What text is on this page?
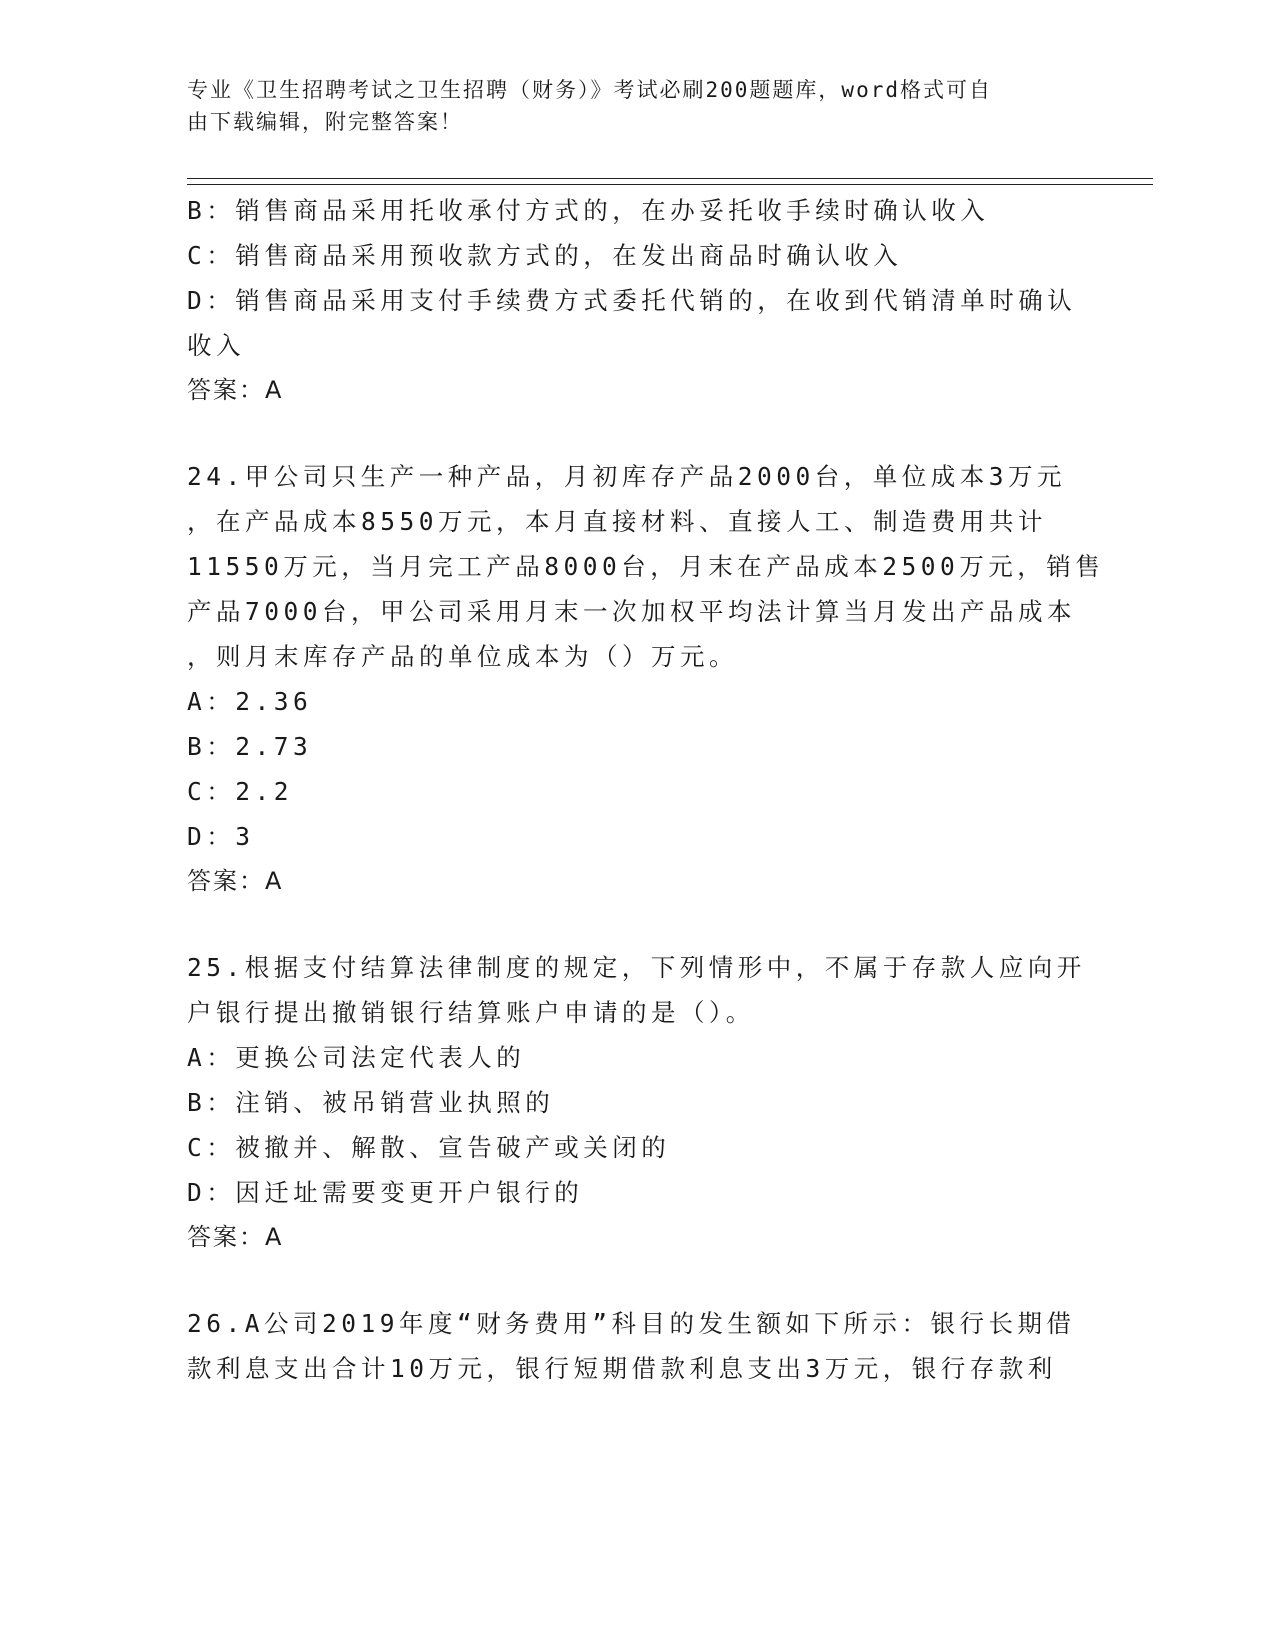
专业《卫生招聘考试之卫生招聘（财务）》考试必刷200题题库，word格式可自
由下载编辑，附完整答案！
B：销售商品采用托收承付方式的，在办妥托收手续时确认收入
C：销售商品采用预收款方式的，在发出商品时确认收入
D：销售商品采用支付手续费方式委托代销的，在收到代销清单时确认
收入
答案：A
24.甲公司只生产一种产品，月初库存产品2000台，单位成本3万元
，在产品成本8550万元，本月直接材料、直接人工、制造费用共计
11550万元，当月完工产品8000台，月末在产品成本2500万元，销售
产品7000台，甲公司采用月末一次加权平均法计算当月发出产品成本
，则月末库存产品的单位成本为（）万元。
A：2.36
B：2.73
C：2.2
D：3
答案：A
25.根据支付结算法律制度的规定，下列情形中，不属于存款人应向开
户银行提出撤销银行结算账户申请的是（）。
A：更换公司法定代表人的
B：注销、被吊销营业执照的
C：被撤并、解散、宣告破产或关闭的
D：因迁址需要变更开户银行的
答案：A
26.A公司2019年度“财务费用”科目的发生额如下所示：银行长期借
款利息支出合计10万元，银行短期借款利息支出3万元，银行存款利
